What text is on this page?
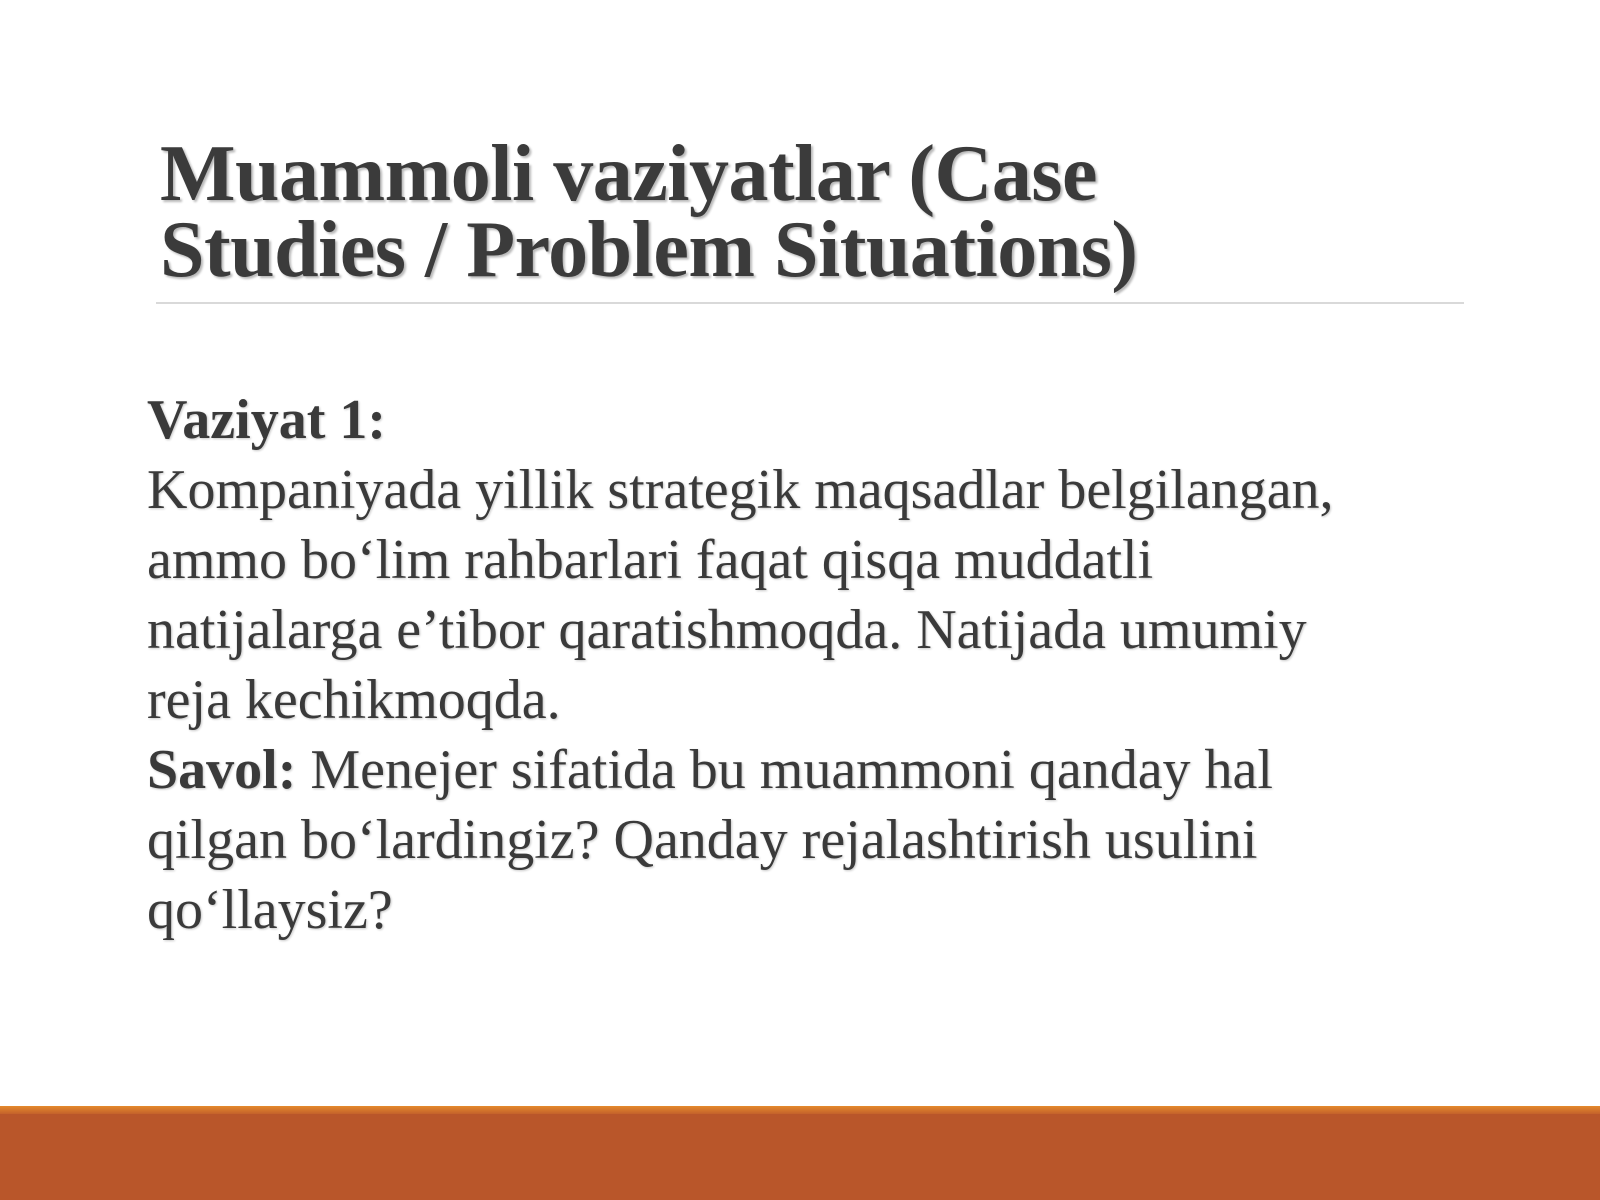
Muammoli vaziyatlar (Case
Studies / Problem Situations)

Vaziyat 1:

Kompaniyada yillik strategik maqsadlar belgilangan,

ammo bo‘lim rahbarlari faqat qisqa muddatli

natijalarga e’tibor qaratishmoqda. Natijada umumiy

reja kechikmoqda.

Savol: Menejer sifatida bu muammoni qanday hal

qilgan bo‘lardingiz? Qanday rejalashtirish usulini

qo‘llaysiz?
